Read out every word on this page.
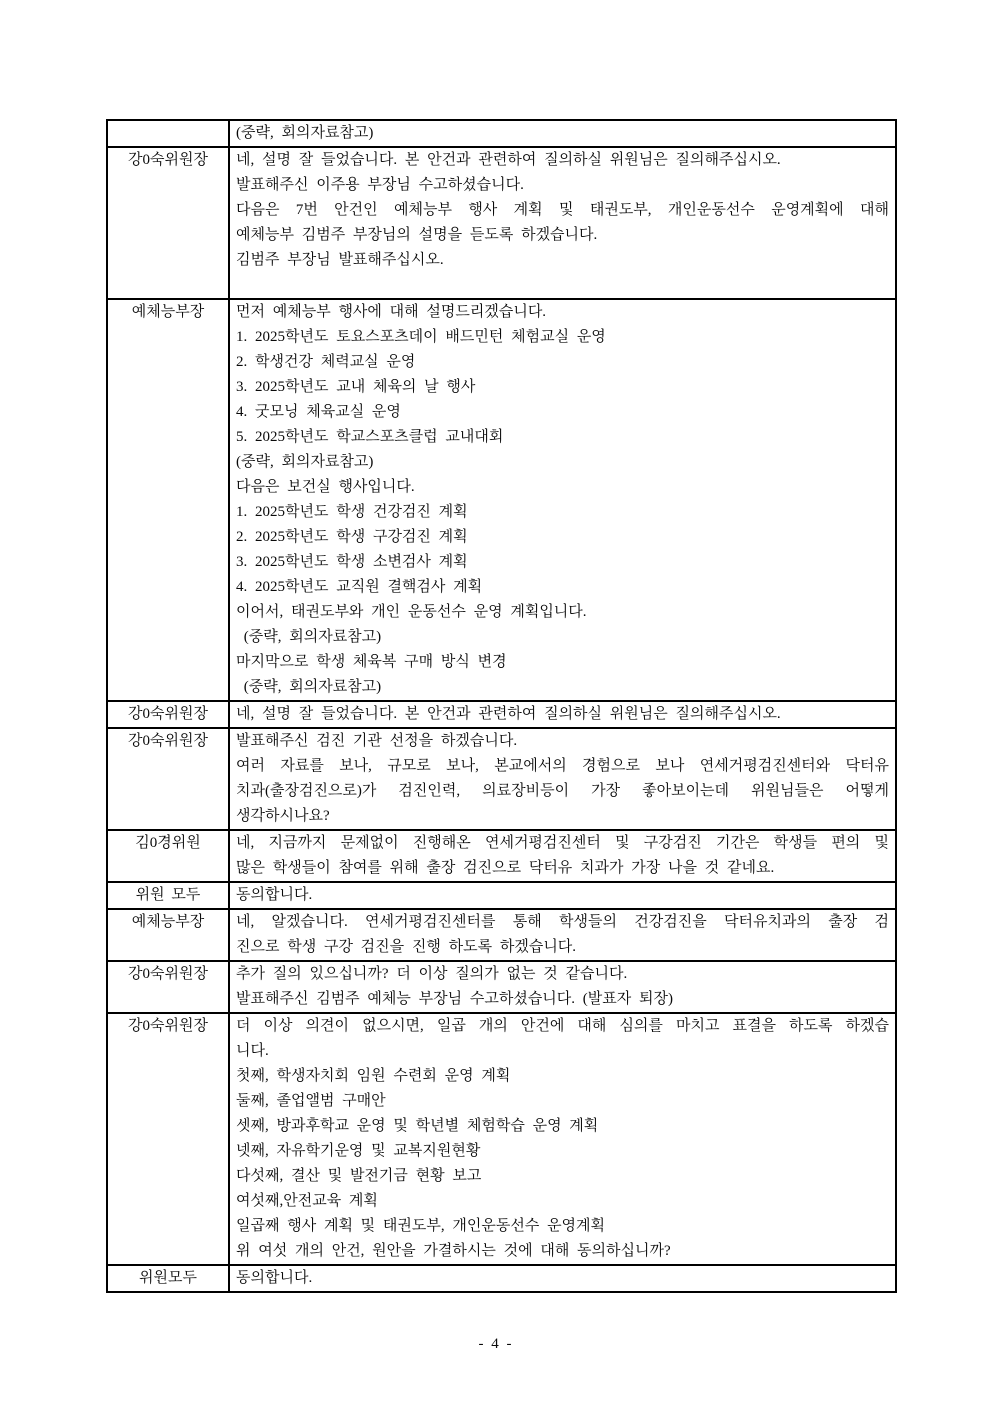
	(중략, 회의자료참고)

강0숙위원장	네, 설명 잘 들었습니다. 본 안건과 관련하여 질의하실 위원님은 질의해주십시오.
발표해주신 이주용 부장님 수고하셨습니다.
다음은 7번 안건인 예체능부 행사 계획 및 태권도부, 개인운동선수 운영계획에 대해
예체능부 김범주 부장님의 설명을 듣도록 하겠습니다.
김범주 부장님 발표해주십시오.

예체능부장	먼저 예체능부 행사에 대해 설명드리겠습니다.
1. 2025학년도 토요스포츠데이 배드민턴 체험교실 운영
2. 학생건강 체력교실 운영
3. 2025학년도 교내 체육의 날 행사
4. 굿모닝 체육교실 운영
5. 2025학년도 학교스포츠클럽 교내대회
(중략, 회의자료참고)
다음은 보건실 행사입니다.
1. 2025학년도 학생 건강검진 계획
2. 2025학년도 학생 구강검진 계획
3. 2025학년도 학생 소변검사 계획
4. 2025학년도 교직원 결핵검사 계획
이어서, 태권도부와 개인 운동선수 운영 계획입니다.
(중략, 회의자료참고)
마지막으로 학생 체육복 구매 방식 변경
(중략, 회의자료참고)

강0숙위원장	네, 설명 잘 들었습니다. 본 안건과 관련하여 질의하실 위원님은 질의해주십시오.

강0숙위원장	발표해주신 검진 기관 선정을 하겠습니다.
여러 자료를 보나, 규모로 보나, 본교에서의 경험으로 보나 연세거평검진센터와 닥터유
치과(출장검진으로)가 검진인력, 의료장비등이 가장 좋아보이는데 위원님들은 어떻게
생각하시나요?

김0경위원	네, 지금까지 문제없이 진행해온 연세거평검진센터 및 구강검진 기간은 학생들 편의 및
많은 학생들이 참여를 위해 출장 검진으로 닥터유 치과가 가장 나을 것 같네요.

위원 모두	동의합니다.

예체능부장	네, 알겠습니다. 연세거평검진센터를 통해 학생들의 건강검진을 닥터유치과의 출장 검
진으로 학생 구강 검진을 진행 하도록 하겠습니다.

강0숙위원장	추가 질의 있으십니까? 더 이상 질의가 없는 것 같습니다.
발표해주신 김범주 예체능 부장님 수고하셨습니다. (발표자 퇴장)

강0숙위원장	더 이상 의견이 없으시면, 일곱 개의 안건에 대해 심의를 마치고 표결을 하도록 하겠습
니다.
첫째, 학생자치회 임원 수련회 운영 계획
둘째, 졸업앨범 구매안
셋째, 방과후학교 운영 및 학년별 체험학습 운영 계획
넷째, 자유학기운영 및 교복지원현황
다섯째, 결산 및 발전기금 현황 보고
여섯째,안전교육 계획
일곱째 행사 계획 및 태권도부, 개인운동선수 운영계획
위 여섯 개의 안건, 원안을 가결하시는 것에 대해 동의하십니까?

위원모두	동의합니다.
- 4 -
